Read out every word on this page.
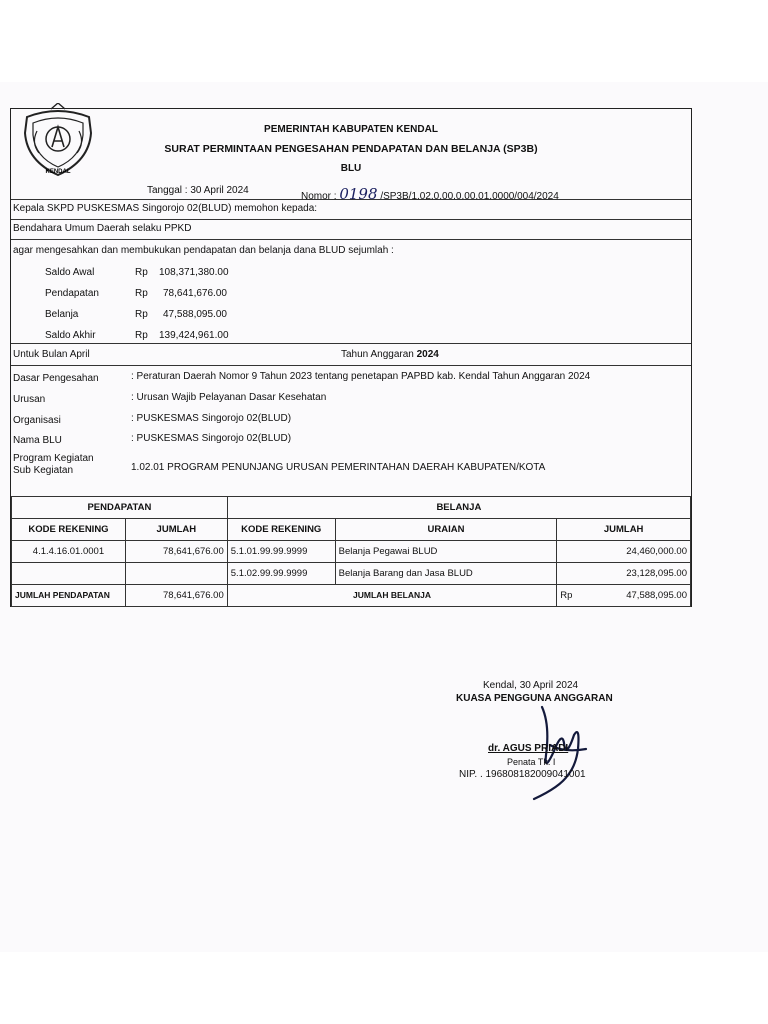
KENDAL
PEMERINTAH KABUPATEN KENDAL
SURAT PERMINTAAN PENGESAHAN PENDAPATAN DAN BELANJA (SP3B)
BLU
Tanggal : 30 April 2024
Nomor : 0198 /SP3B/1.02.0.00.0.00.01.0000/004/2024
Kepala SKPD PUSKESMAS Singorojo 02(BLUD) memohon kepada:
Bendahara Umum Daerah selaku PPKD
agar mengesahkan dan membukukan pendapatan dan belanja dana BLUD sejumlah :
Saldo Awal	Rp 108,371,380.00
Pendapatan	Rp 78,641,676.00
Belanja	Rp 47,588,095.00
Saldo Akhir	Rp 139,424,961.00
Untuk Bulan April	Tahun Anggaran 2024
Dasar Pengesahan	: Peraturan Daerah Nomor 9 Tahun 2023 tentang penetapan PAPBD kab. Kendal Tahun Anggaran 2024
Urusan	: Urusan Wajib Pelayanan Dasar Kesehatan
Organisasi	: PUSKESMAS Singorojo 02(BLUD)
Nama BLU	: PUSKESMAS Singorojo 02(BLUD)
Program Kegiatan
Sub Kegiatan	1.02.01 PROGRAM PENUNJANG URUSAN PEMERINTAHAN DAERAH KABUPATEN/KOTA
PENDAPATAN		BELANJA		
KODE REKENING	JUMLAH	KODE REKENING	URAIAN	JUMLAH
4.1.4.16.01.0001	78,641,676.00	5.1.01.99.99.9999	Belanja Pegawai BLUD	24,460,000.00
		5.1.02.99.99.9999	Belanja Barang dan Jasa BLUD	23,128,095.00
JUMLAH PENDAPATAN	78,641,676.00	JUMLAH BELANJA		Rp 47,588,095.00
Kendal, 30 April 2024
KUASA PENGGUNA ANGGARAN
dr. AGUS PRIADI
Penata Tk. I
NIP. . 196808182009041001
